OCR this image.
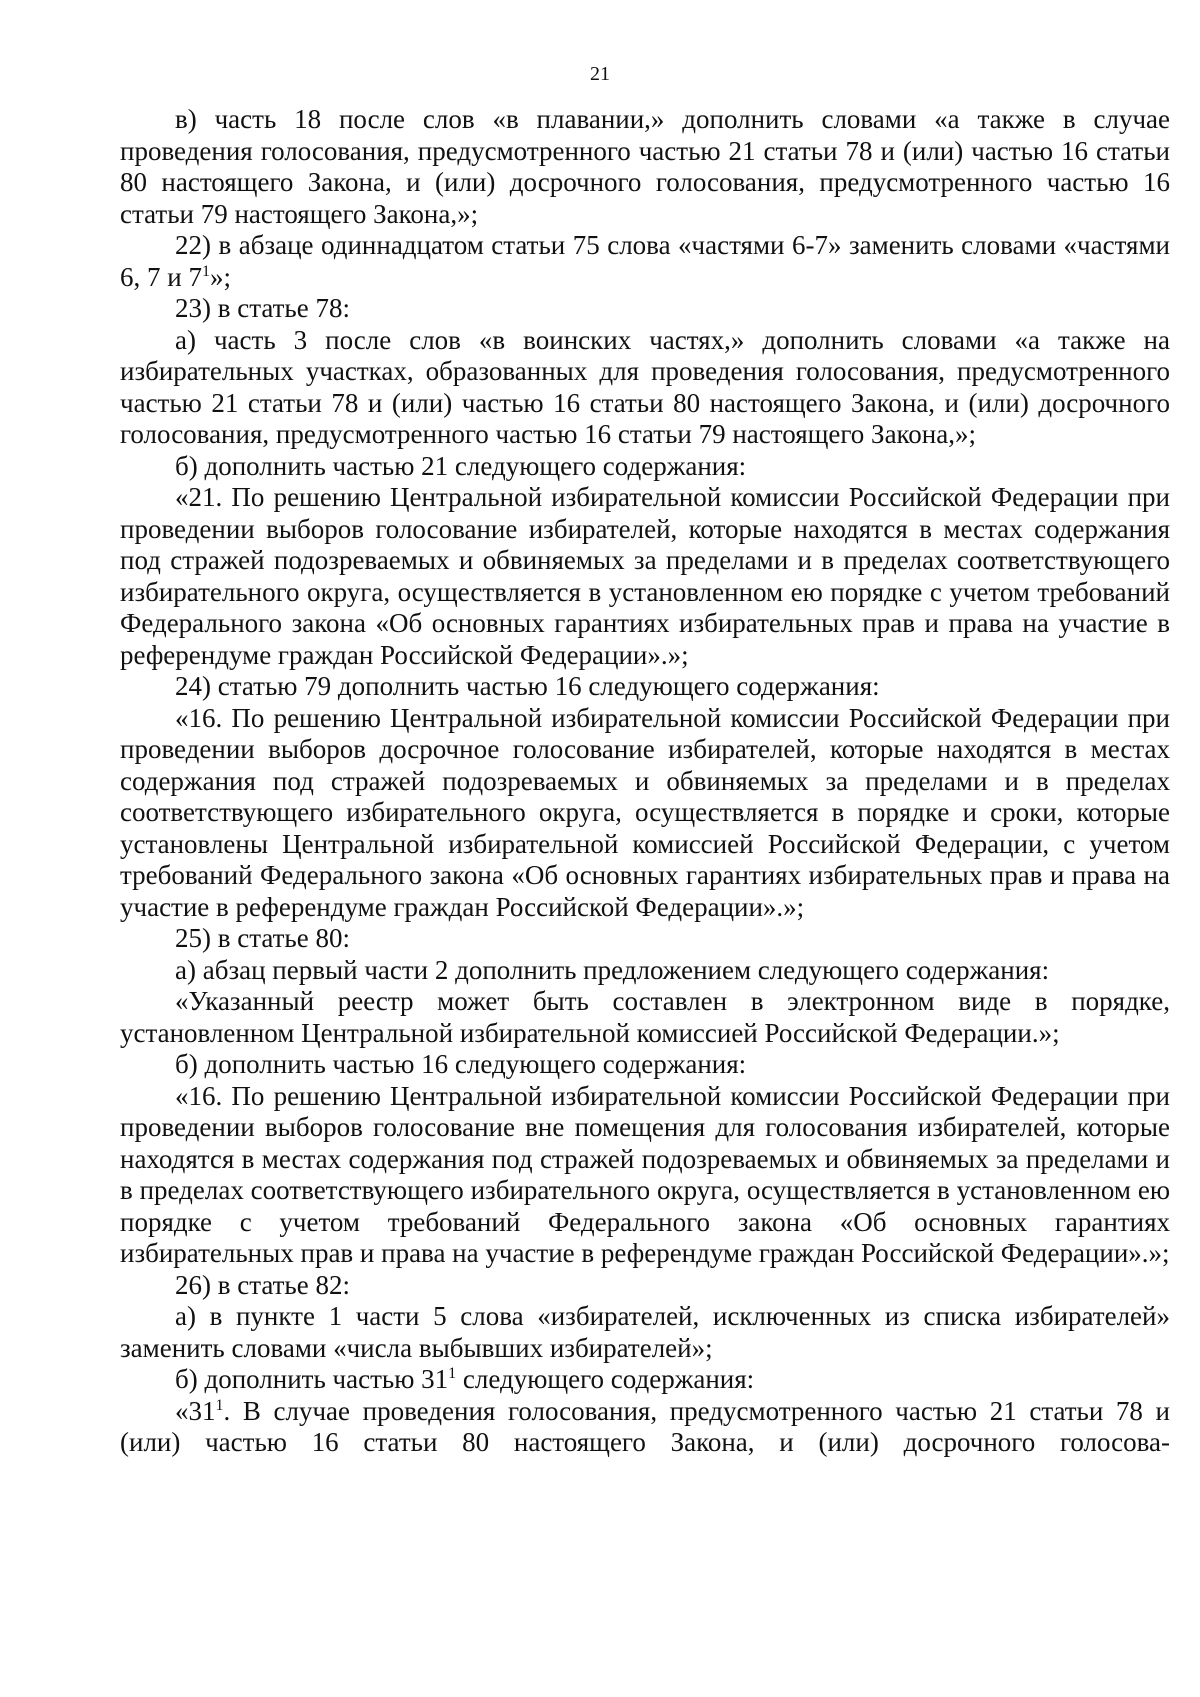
21

в) часть 18 после слов «в плавании,» дополнить словами «а также в случае проведения голосования, предусмотренного частью 21 статьи 78 и (или) частью 16 статьи 80 настоящего Закона, и (или) досрочного голосования, предусмотренного частью 16 статьи 79 настоящего Закона,»;

22) в абзаце одиннадцатом статьи 75 слова «частями 6-7» заменить словами «частями 6, 7 и $7^1$»;

23) в статье 78:

а) часть 3 после слов «в воинских частях,» дополнить словами «а также на избирательных участках, образованных для проведения голосования, предусмотренного частью 21 статьи 78 и (или) частью 16 статьи 80 настоящего Закона, и (или) досрочного голосования, предусмотренного частью 16 статьи 79 настоящего Закона,»;

б) дополнить частью 21 следующего содержания:

«21. По решению Центральной избирательной комиссии Российской Федерации при проведении выборов голосование избирателей, которые находятся в местах содержания под стражей подозреваемых и обвиняемых за пределами и в пределах соответствующего избирательного округа, осуществляется в установленном ею порядке с учетом требований Федерального закона «Об основных гарантиях избирательных прав и права на участие в референдуме граждан Российской Федерации».»;

24) статью 79 дополнить частью 16 следующего содержания:

«16. По решению Центральной избирательной комиссии Российской Федерации при проведении выборов досрочное голосование избирателей, которые находятся в местах содержания под стражей подозреваемых и обвиняемых за пределами и в пределах соответствующего избирательного округа, осуществляется в порядке и сроки, которые установлены Центральной избирательной комиссией Российской Федерации, с учетом требований Федерального закона «Об основных гарантиях избирательных прав и права на участие в референдуме граждан Российской Федерации».»;

25) в статье 80:

а) абзац первый части 2 дополнить предложением следующего содержания:

«Указанный реестр может быть составлен в электронном виде в порядке, установленном Центральной избирательной комиссией Российской Федерации.»;

б) дополнить частью 16 следующего содержания:

«16. По решению Центральной избирательной комиссии Российской Федерации при проведении выборов голосование вне помещения для голосования избирателей, которые находятся в местах содержания под стражей подозреваемых и обвиняемых за пределами и в пределах соответствующего избирательного округа, осуществляется в установленном ею порядке с учетом требований Федерального закона «Об основных гарантиях избирательных прав и права на участие в референдуме граждан Российской Федерации».»;

26) в статье 82:

а) в пункте 1 части 5 слова «избирателей, исключенных из списка избирателей» заменить словами «числа выбывших избирателей»;

б) дополнить частью $31^1$ следующего содержания:

«$31^1$. В случае проведения голосования, предусмотренного частью 21 статьи 78 и (или) частью 16 статьи 80 настоящего Закона, и (или) досрочного голосова-
